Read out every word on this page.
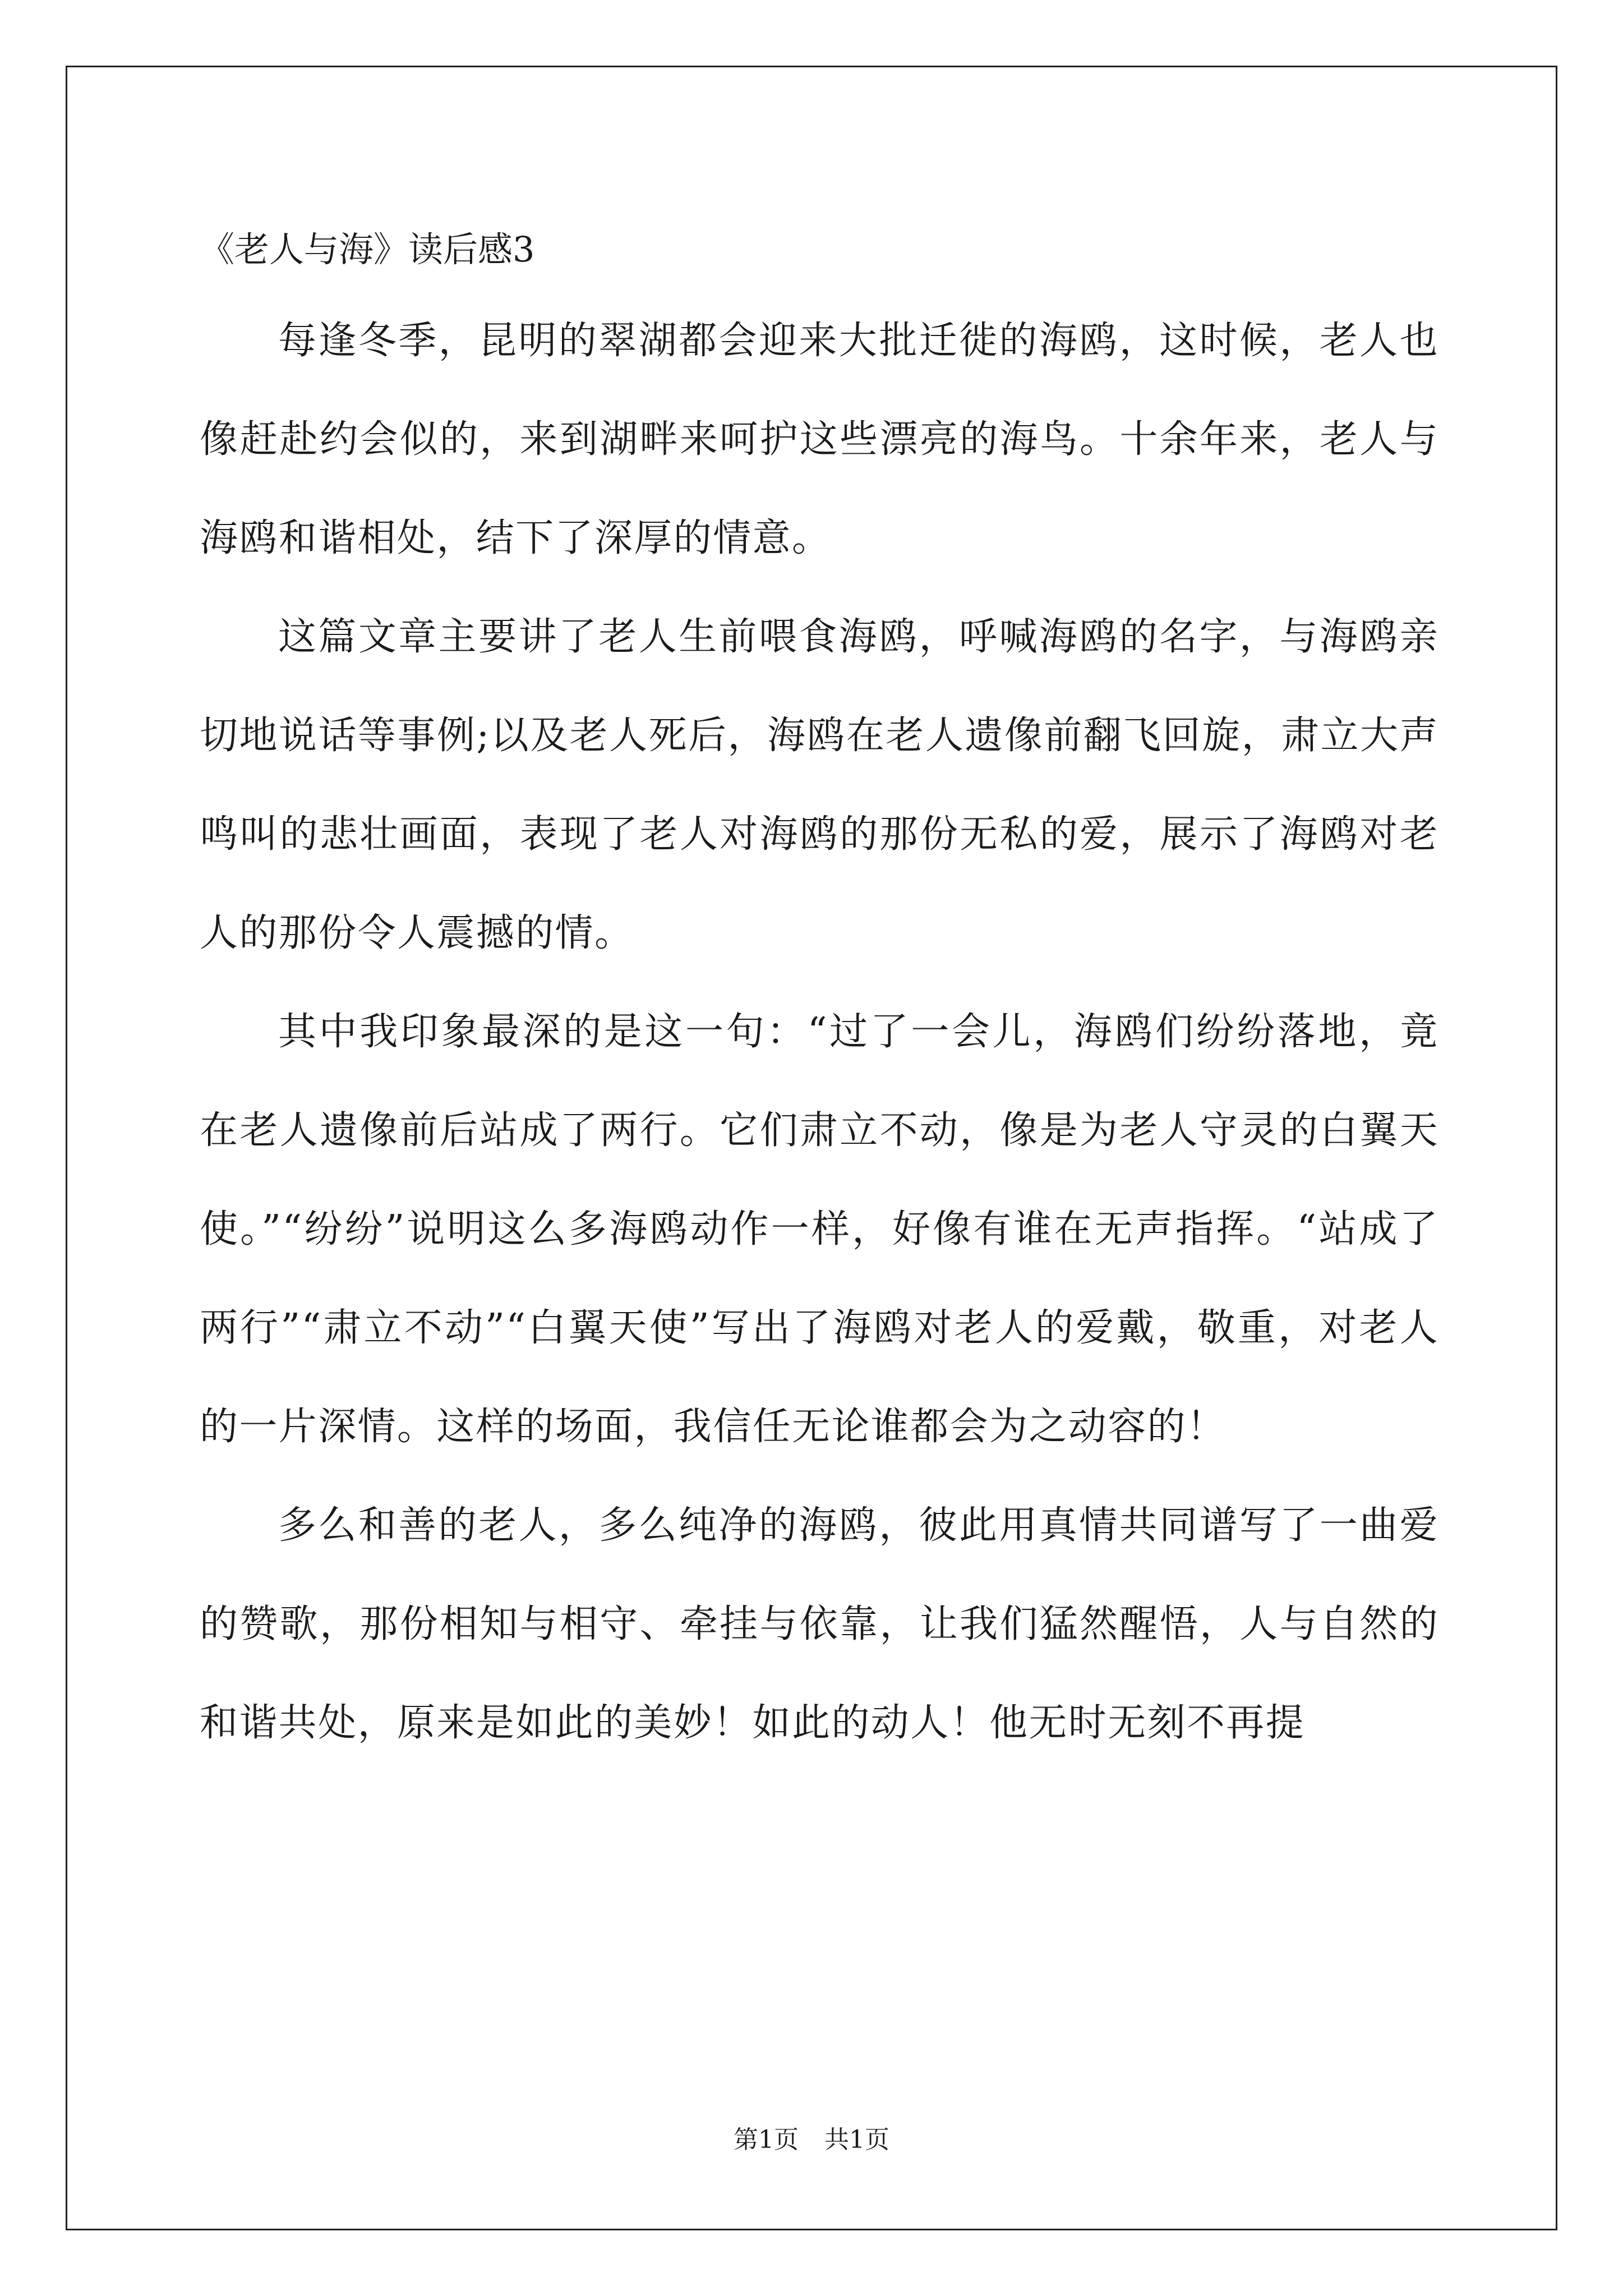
《老人与海》读后感3

每逢冬季，昆明的翠湖都会迎来大批迁徙的海鸥，这时候，老人也像赶赴约会似的，来到湖畔来呵护这些漂亮的海鸟。十余年来，老人与海鸥和谐相处，结下了深厚的情意。

这篇文章主要讲了老人生前喂食海鸥，呼喊海鸥的名字，与海鸥亲切地说话等事例;以及老人死后，海鸥在老人遗像前翻飞回旋，肃立大声鸣叫的悲壮画面，表现了老人对海鸥的那份无私的爱，展示了海鸥对老人的那份令人震撼的情。

其中我印象最深的是这一句：“过了一会儿，海鸥们纷纷落地，竟在老人遗像前后站成了两行。它们肃立不动，像是为老人守灵的白翼天使。”“纷纷”说明这么多海鸥动作一样，好像有谁在无声指挥。“站成了两行”“肃立不动”“白翼天使”写出了海鸥对老人的爱戴，敬重，对老人的一片深情。这样的场面，我信任无论谁都会为之动容的！

多么和善的老人，多么纯净的海鸥，彼此用真情共同谱写了一曲爱的赞歌，那份相知与相守、牵挂与依靠，让我们猛然醒悟，人与自然的和谐共处，原来是如此的美妙！如此的动人！他无时无刻不再提

第1页 共1页
